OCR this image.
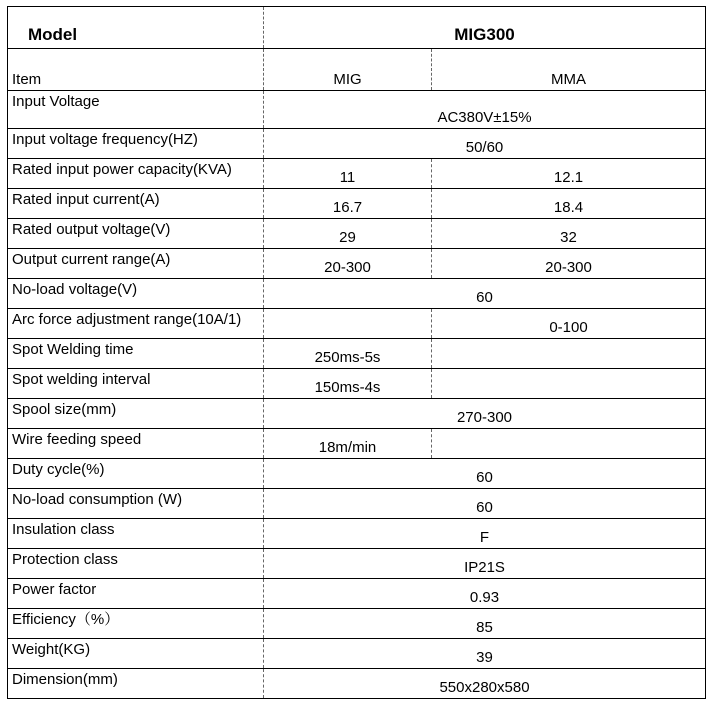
Model	MIG300	
Item	MIG	MMA
Input Voltage	AC380V±15%	
Input voltage frequency(HZ)	50/60	
Rated input power capacity(KVA)	11	12.1
Rated input current(A)	16.7	18.4
Rated output voltage(V)	29	32
Output current range(A)	20-300	20-300
No-load voltage(V)	60	
Arc force adjustment range(10A/1)		0-100
Spot Welding time	250ms-5s	
Spot welding interval	150ms-4s	
Spool size(mm)	270-300	
Wire feeding speed	18m/min	
Duty cycle(%)	60	
No-load consumption (W)	60	
Insulation class	F	
Protection class	IP21S	
Power factor	0.93	
Efficiency（%）	85	
Weight(KG)	39	
Dimension(mm)	550x280x580	
